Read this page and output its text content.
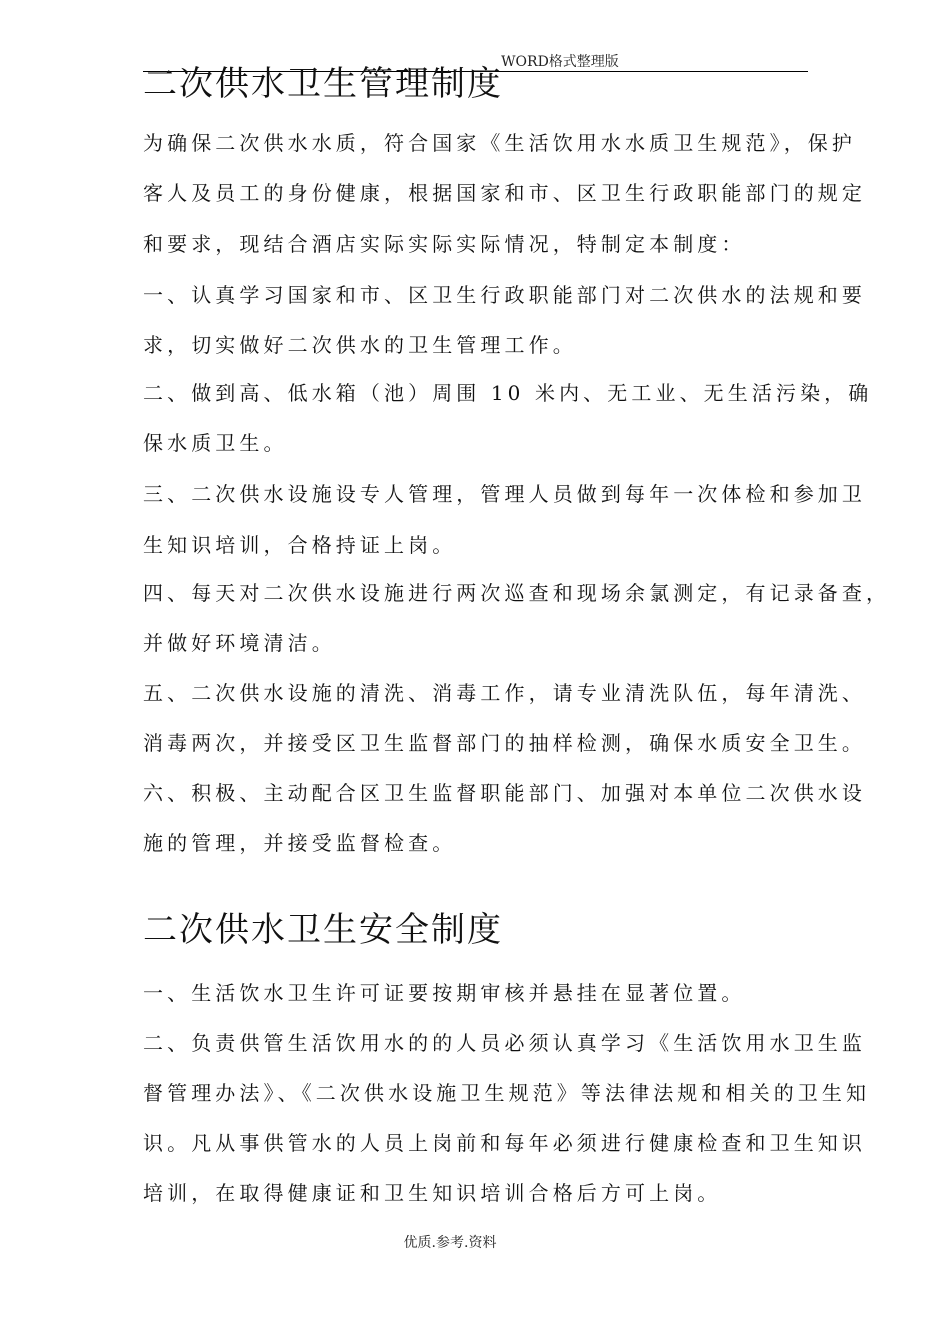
WORD格式整理版
二次供水卫生管理制度

为确保二次供水水质，符合国家《生活饮用水水质卫生规范》，保护

客人及员工的身份健康，根据国家和市、区卫生行政职能部门的规定

和要求，现结合酒店实际实际实际情况，特制定本制度：

一、认真学习国家和市、区卫生行政职能部门对二次供水的法规和要

求，切实做好二次供水的卫生管理工作。

二、做到高、低水箱（池）周围 10 米内、无工业、无生活污染，确

保水质卫生。

三、二次供水设施设专人管理，管理人员做到每年一次体检和参加卫

生知识培训，合格持证上岗。

四、每天对二次供水设施进行两次巡查和现场余氯测定，有记录备查，

并做好环境清洁。

五、二次供水设施的清洗、消毒工作，请专业清洗队伍，每年清洗、

消毒两次，并接受区卫生监督部门的抽样检测，确保水质安全卫生。

六、积极、主动配合区卫生监督职能部门、加强对本单位二次供水设

施的管理，并接受监督检查。

二次供水卫生安全制度

一、生活饮水卫生许可证要按期审核并悬挂在显著位置。

二、负责供管生活饮用水的的人员必须认真学习《生活饮用水卫生监

督管理办法》、《二次供水设施卫生规范》等法律法规和相关的卫生知

识。凡从事供管水的人员上岗前和每年必须进行健康检查和卫生知识

培训，在取得健康证和卫生知识培训合格后方可上岗。

优质.参考.资料
